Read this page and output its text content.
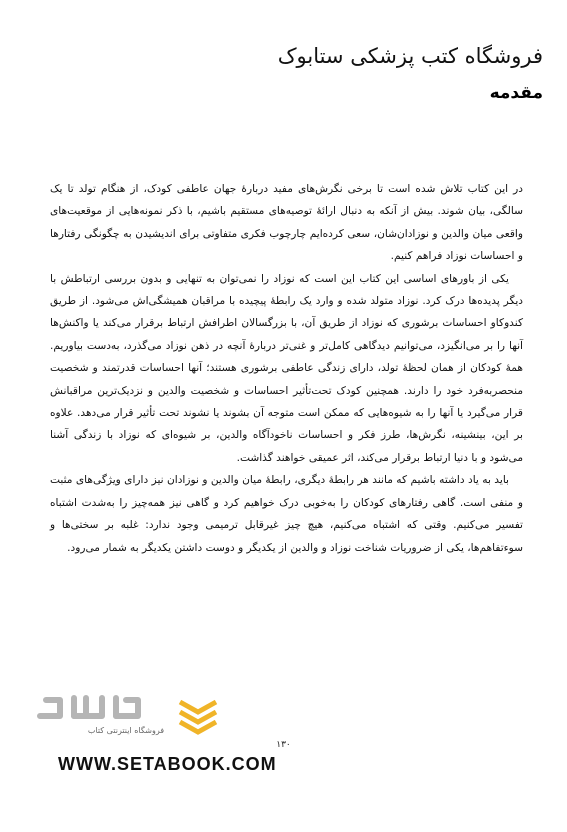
فروشگاه کتب پزشکی ستابوک
مقدمه

در این کتاب تلاش شده است تا برخی نگرش‌های مفید دربارهٔ جهان عاطفی کودک، از هنگام تولد تا یک سالگی، بیان شوند. بیش از آنکه به دنبال ارائهٔ توصیه‌های مستقیم باشیم، با ذکر نمونه‌هایی از موقعیت‌های واقعی میان والدین و نوزادان‌شان، سعی کرده‌ایم چارچوب فکری متفاوتی برای اندیشیدن به چگونگی رفتارها و احساسات نوزاد فراهم کنیم.

یکی از باورهای اساسی این کتاب این است که نوزاد را نمی‌توان به تنهایی و بدون بررسی ارتباطش با دیگر پدیده‌ها درک کرد. نوزاد متولد شده و وارد یک رابطهٔ پیچیده با مراقبان همیشگی‌اش می‌شود. از طریق کندوکاو احساسات برشوری که نوزاد از طریق آن، با بزرگسالان اطرافش ارتباط برقرار می‌کند یا واکنش‌ها آنها را بر می‌انگیزد، می‌توانیم دیدگاهی کامل‌تر و غنی‌تر دربارهٔ آنچه در ذهن نوزاد می‌گذرد، به‌دست بیاوریم. همهٔ کودکان از همان لحظهٔ تولد، دارای زندگی عاطفی برشوری هستند؛ آنها احساسات قدرتمند و شخصیت منحصربه‌فرد خود را دارند. همچنین کودک تحت‌تأثیر احساسات و شخصیت والدین و نزدیک‌ترین مراقبانش قرار می‌گیرد یا آنها را به شیوه‌هایی که ممکن است متوجه آن بشوند یا نشوند تحت تأثیر قرار می‌دهد. علاوه بر این، بینشینه، نگرش‌ها، طرز فکر و احساسات ناخودآگاه والدین، بر شیوه‌ای که نوزاد با زندگی آشنا می‌شود و با دنیا ارتباط برقرار می‌کند، اثر عمیقی خواهند گذاشت.

باید به یاد داشته باشیم که مانند هر رابطهٔ دیگری، رابطهٔ میان والدین و نوزادان نیز دارای ویژگی‌های مثبت و منفی است. گاهی رفتارهای کودکان را به‌خوبی درک خواهیم کرد و گاهی نیز همه‌چیز را به‌شدت اشتباه تفسیر می‌کنیم. وقتی که اشتباه می‌کنیم، هیچ چیز غیرقابل ترمیمی وجود ندارد: غلبه بر سختی‌ها و سوءتفاهم‌ها، یکی از ضروریات شناخت نوزاد و والدین از یکدیگر و دوست داشتن یکدیگر به شمار می‌رود.

۱۳۰
فروشگاه اینترنتی کتاب
WWW.SETABOOK.COM
